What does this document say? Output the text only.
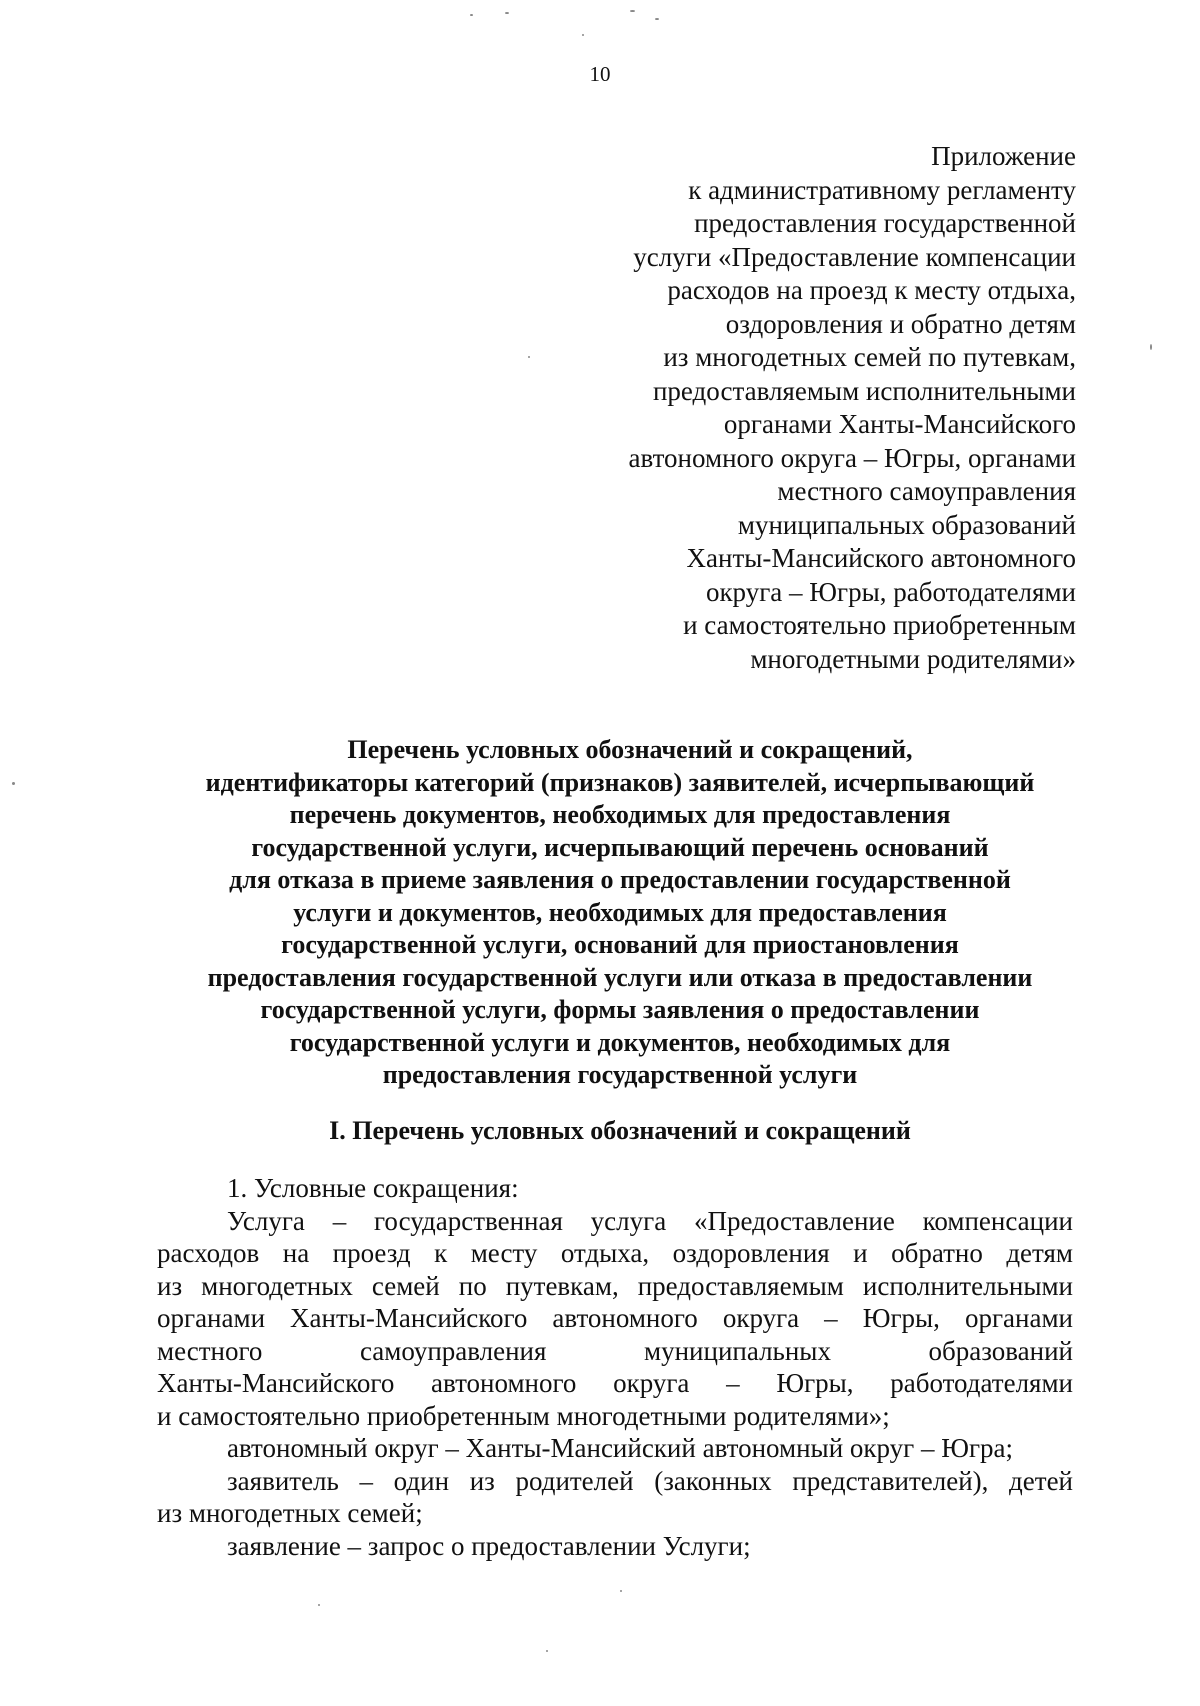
10
Приложение
к административному регламенту
предоставления государственной
услуги «Предоставление компенсации
расходов на проезд к месту отдыха,
оздоровления и обратно детям
из многодетных семей по путевкам,
предоставляемым исполнительными
органами Ханты-Мансийского
автономного округа – Югры, органами
местного самоуправления
муниципальных образований
Ханты-Мансийского автономного
округа – Югры, работодателями
и самостоятельно приобретенным
многодетными родителями»
Перечень условных обозначений и сокращений,
идентификаторы категорий (признаков) заявителей, исчерпывающий
перечень документов, необходимых для предоставления
государственной услуги, исчерпывающий перечень оснований
для отказа в приеме заявления о предоставлении государственной
услуги и документов, необходимых для предоставления
государственной услуги, оснований для приостановления
предоставления государственной услуги или отказа в предоставлении
государственной услуги, формы заявления о предоставлении
государственной услуги и документов, необходимых для
предоставления государственной услуги
I. Перечень условных обозначений и сокращений
1. Условные сокращения:
Услуга – государственная услуга «Предоставление компенсации
расходов на проезд к месту отдыха, оздоровления и обратно детям
из многодетных семей по путевкам, предоставляемым исполнительными
органами Ханты-Мансийского автономного округа – Югры, органами
местного самоуправления муниципальных образований
Ханты-Мансийского автономного округа – Югры, работодателями
и самостоятельно приобретенным многодетными родителями»;
автономный округ – Ханты-Мансийский автономный округ – Югра;
заявитель – один из родителей (законных представителей), детей
из многодетных семей;
заявление – запрос о предоставлении Услуги;
